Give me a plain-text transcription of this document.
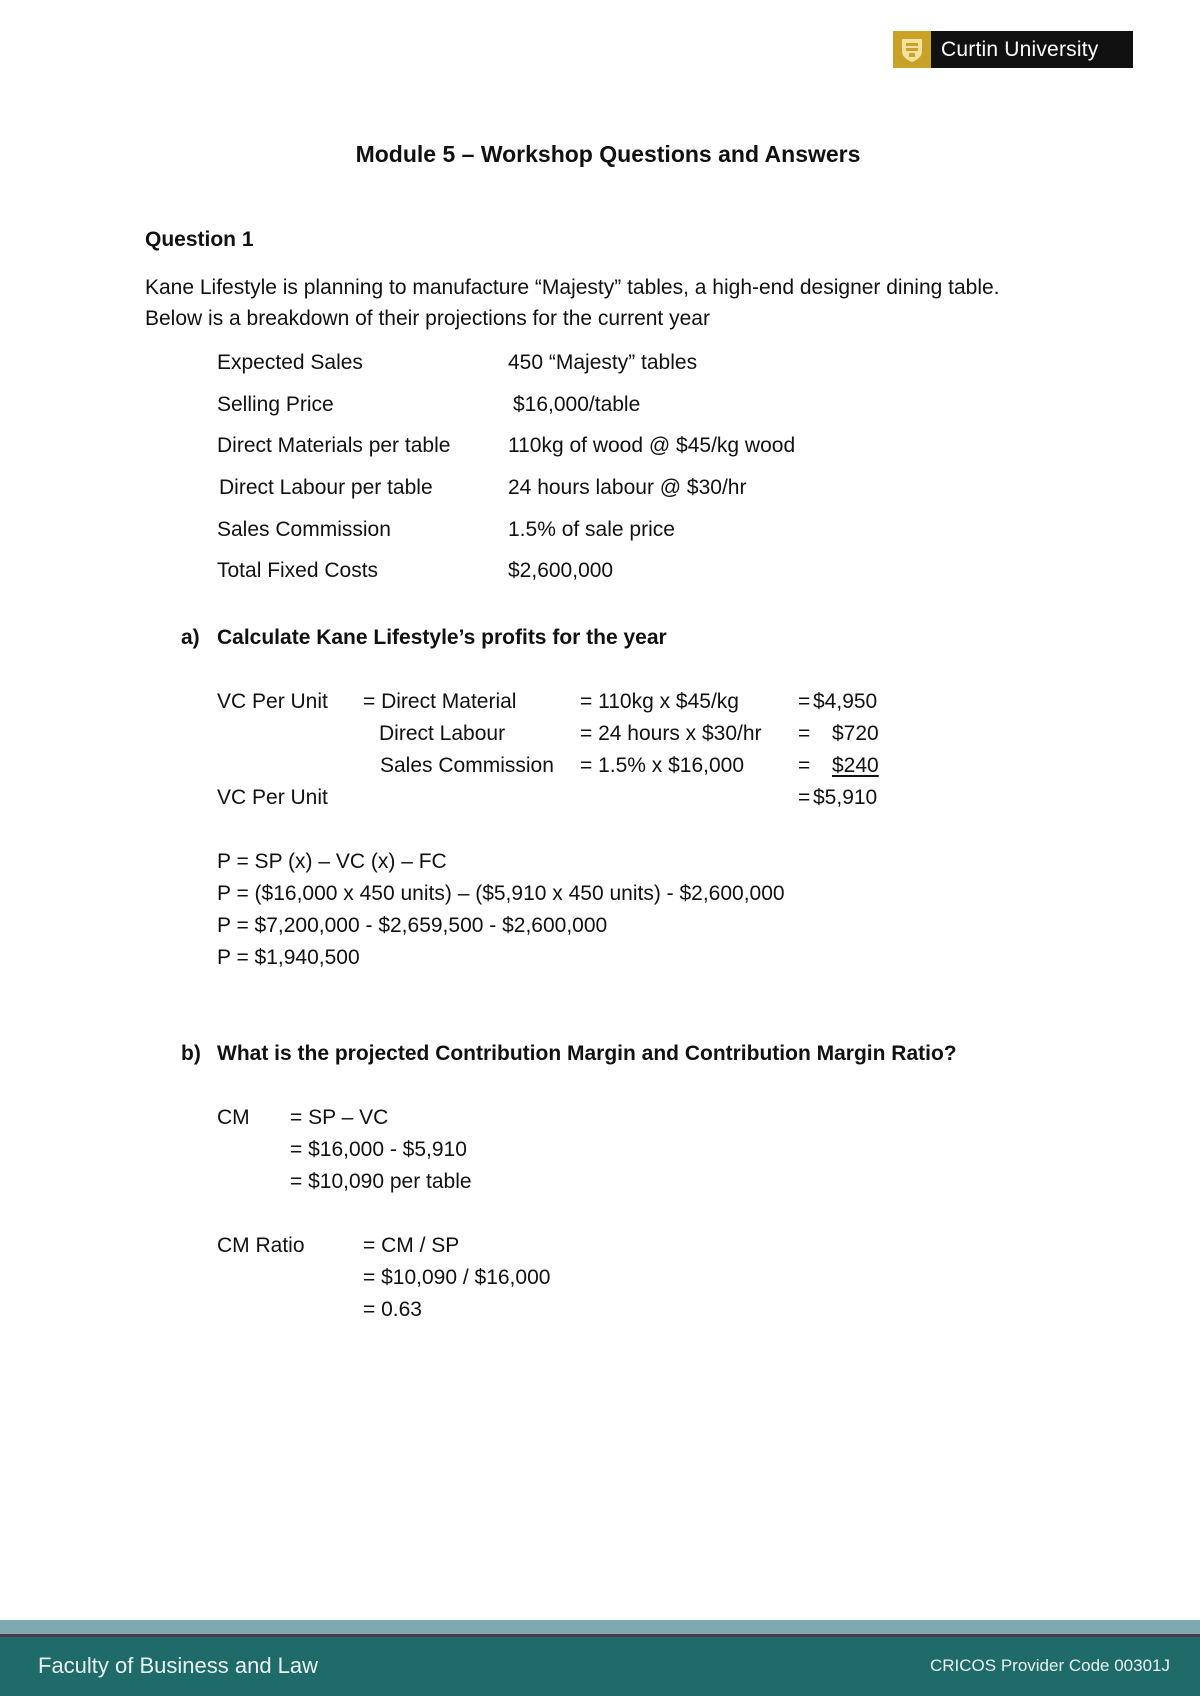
Curtin University
Module 5 – Workshop Questions and Answers
Question 1
Kane Lifestyle is planning to manufacture “Majesty” tables, a high-end designer dining table.
Below is a breakdown of their projections for the current year
Expected Sales	450 “Majesty” tables
Selling Price	$16,000/table
Direct Materials per table	110kg of wood @ $45/kg wood
Direct Labour per table	24 hours labour @ $30/hr
Sales Commission	1.5% of sale price
Total Fixed Costs	$2,600,000
a) Calculate Kane Lifestyle’s profits for the year
VC Per Unit = Direct Material	= 110kg x $45/kg	= $4,950
Direct Labour	= 24 hours x $30/hr = $720
Sales Commission = 1.5% x $16,000	= $240
VC Per Unit	= $5,910
P = SP (x) – VC (x) – FC
P = ($16,000 x 450 units) – ($5,910 x 450 units) - $2,600,000
P = $7,200,000 - $2,659,500 - $2,600,000
P = $1,940,500
b) What is the projected Contribution Margin and Contribution Margin Ratio?
CM = SP – VC
= $16,000 - $5,910
= $10,090 per table
CM Ratio	= CM / SP
= $10,090 / $16,000
= 0.63
Faculty of Business and Law	CRICOS Provider Code 00301J
